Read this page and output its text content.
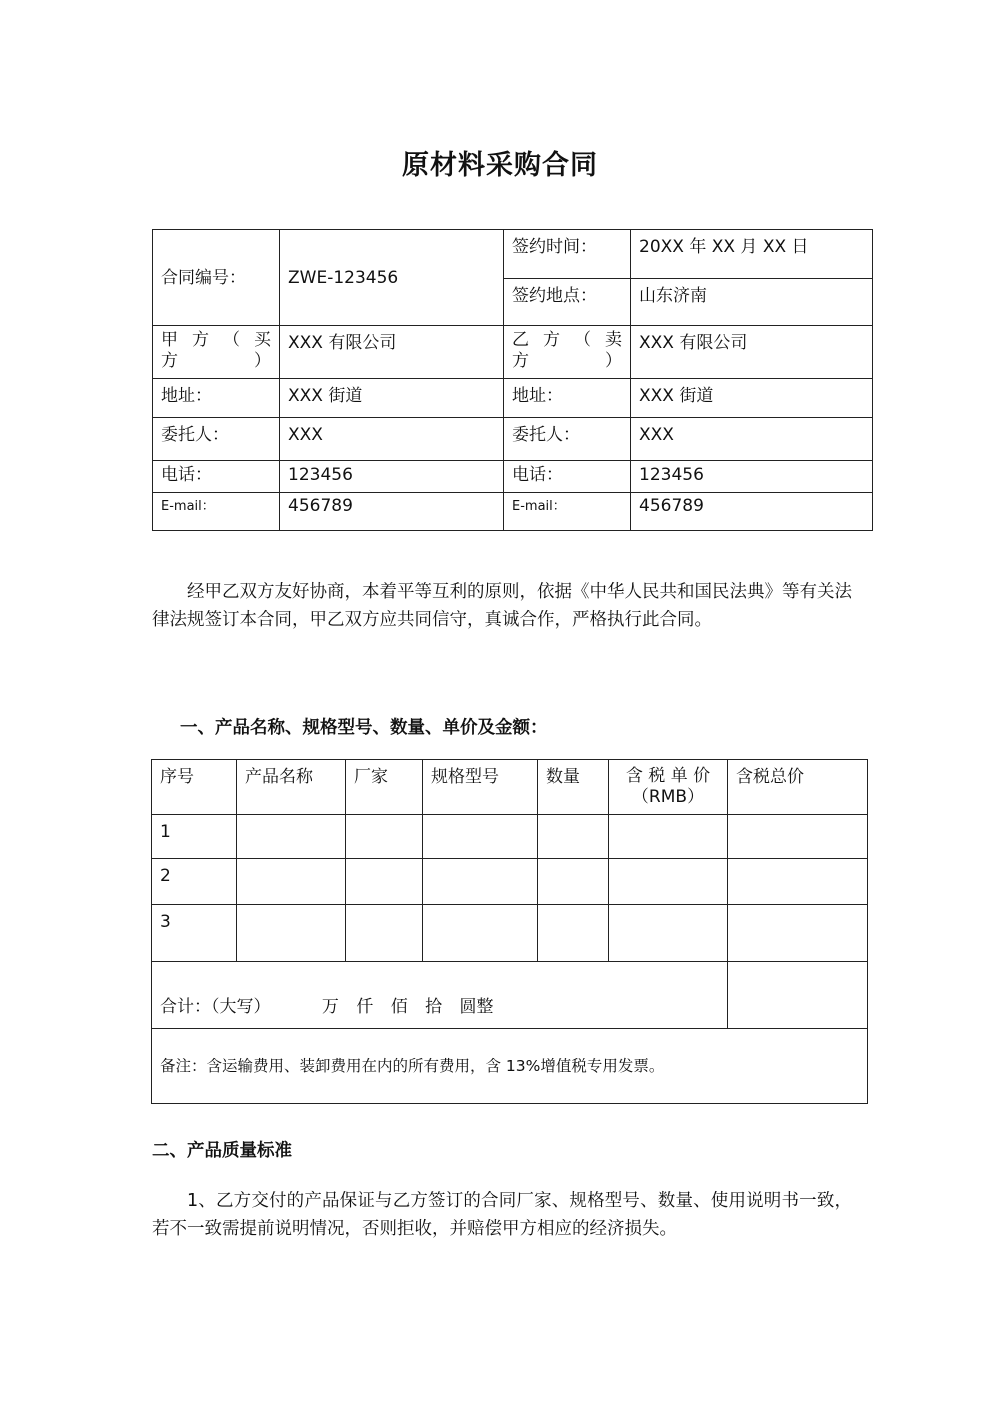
原材料采购合同
合同编号：	ZWE-123456	签约时间：	20XX 年 XX 月 XX 日
		签约地点：	山东济南
甲 方 （ 买 方）	XXX 有限公司	乙 方 （ 卖 方）	XXX 有限公司
地址：	XXX 街道	地址：	XXX 街道
委托人：	XXX	委托人：	XXX
电话：	123456	电话：	123456
E-mail：	456789	E-mail：	456789
经甲乙双方友好协商，本着平等互利的原则，依据《中华人民共和国民法典》等有关法律法规签订本合同，甲乙双方应共同信守，真诚合作，严格执行此合同。
一、产品名称、规格型号、数量、单价及金额：
序号	产品名称	厂家	规格型号	数量	含 税 单 价（RMB）	含税总价
1						
2						
3						
合计：（大写） 万 仟 佰 拾 圆整						
备注：含运输费用、装卸费用在内的所有费用，含 13%增值税专用发票。						
二、产品质量标准
1、乙方交付的产品保证与乙方签订的合同厂家、规格型号、数量、使用说明书一致，若不一致需提前说明情况，否则拒收，并赔偿甲方相应的经济损失。
